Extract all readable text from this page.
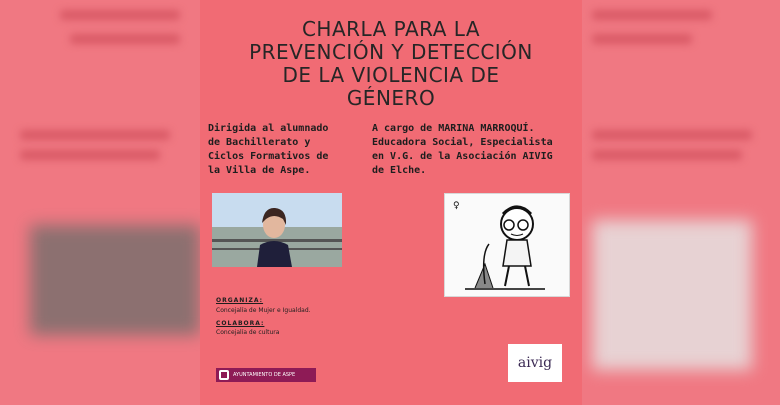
CHARLA PARA LA
PREVENCIÓN Y DETECCIÓN
DE LA VIOLENCIA DE
GÉNERO
Dirigida al alumnado
de Bachillerato y
Ciclos Formativos de
la Villa de Aspe.
A cargo de MARINA MARROQUÍ.
Educadora Social, Especialista
en V.G. de la Asociación AIVIG
de Elche.
♀
ORGANIZA:
Concejalía de Mujer e Igualdad.
COLABORA:
Concejalía de cultura
AYUNTAMIENTO DE ASPE
aivig
